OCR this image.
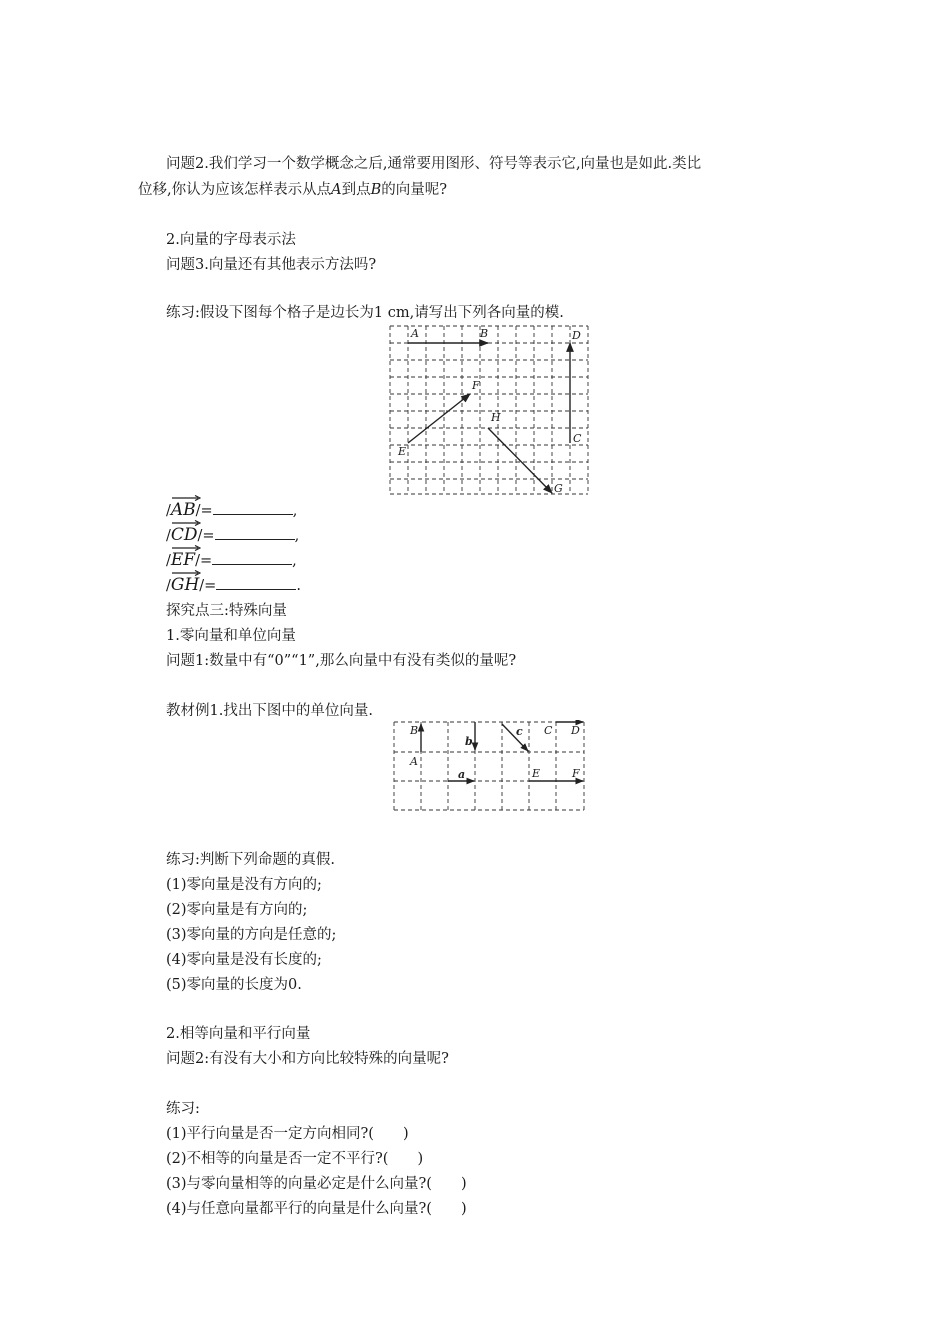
问题2.我们学习一个数学概念之后,通常要用图形、符号等表示它,向量也是如此.类比
位移,你认为应该怎样表示从点A到点B的向量呢?
2.向量的字母表示法
问题3.向量还有其他表示方法吗?
练习:假设下图每个格子是边长为1 cm,请写出下列各向量的模.
A	B	D
F
H
C
E
G
/
AB/=	,
/
CD/=	,
/
EF/=	,
/
GH/=	.
探究点三:特殊向量
1.零向量和单位向量
问题1:数量中有“0”“1”,那么向量中有没有类似的量呢?
教材例1.找出下图中的单位向量.
B
A
b
c C D
a	E	F
练习:判断下列命题的真假.
(1)零向量是没有方向的;
(2)零向量是有方向的;
(3)零向量的方向是任意的;
(4)零向量是没有长度的;
(5)零向量的长度为0.
2.相等向量和平行向量
问题2:有没有大小和方向比较特殊的向量呢?
练习:
(1)平行向量是否一定方向相同?(　　)
(2)不相等的向量是否一定不平行?(　　)
(3)与零向量相等的向量必定是什么向量?(　　)
(4)与任意向量都平行的向量是什么向量?(　　)
